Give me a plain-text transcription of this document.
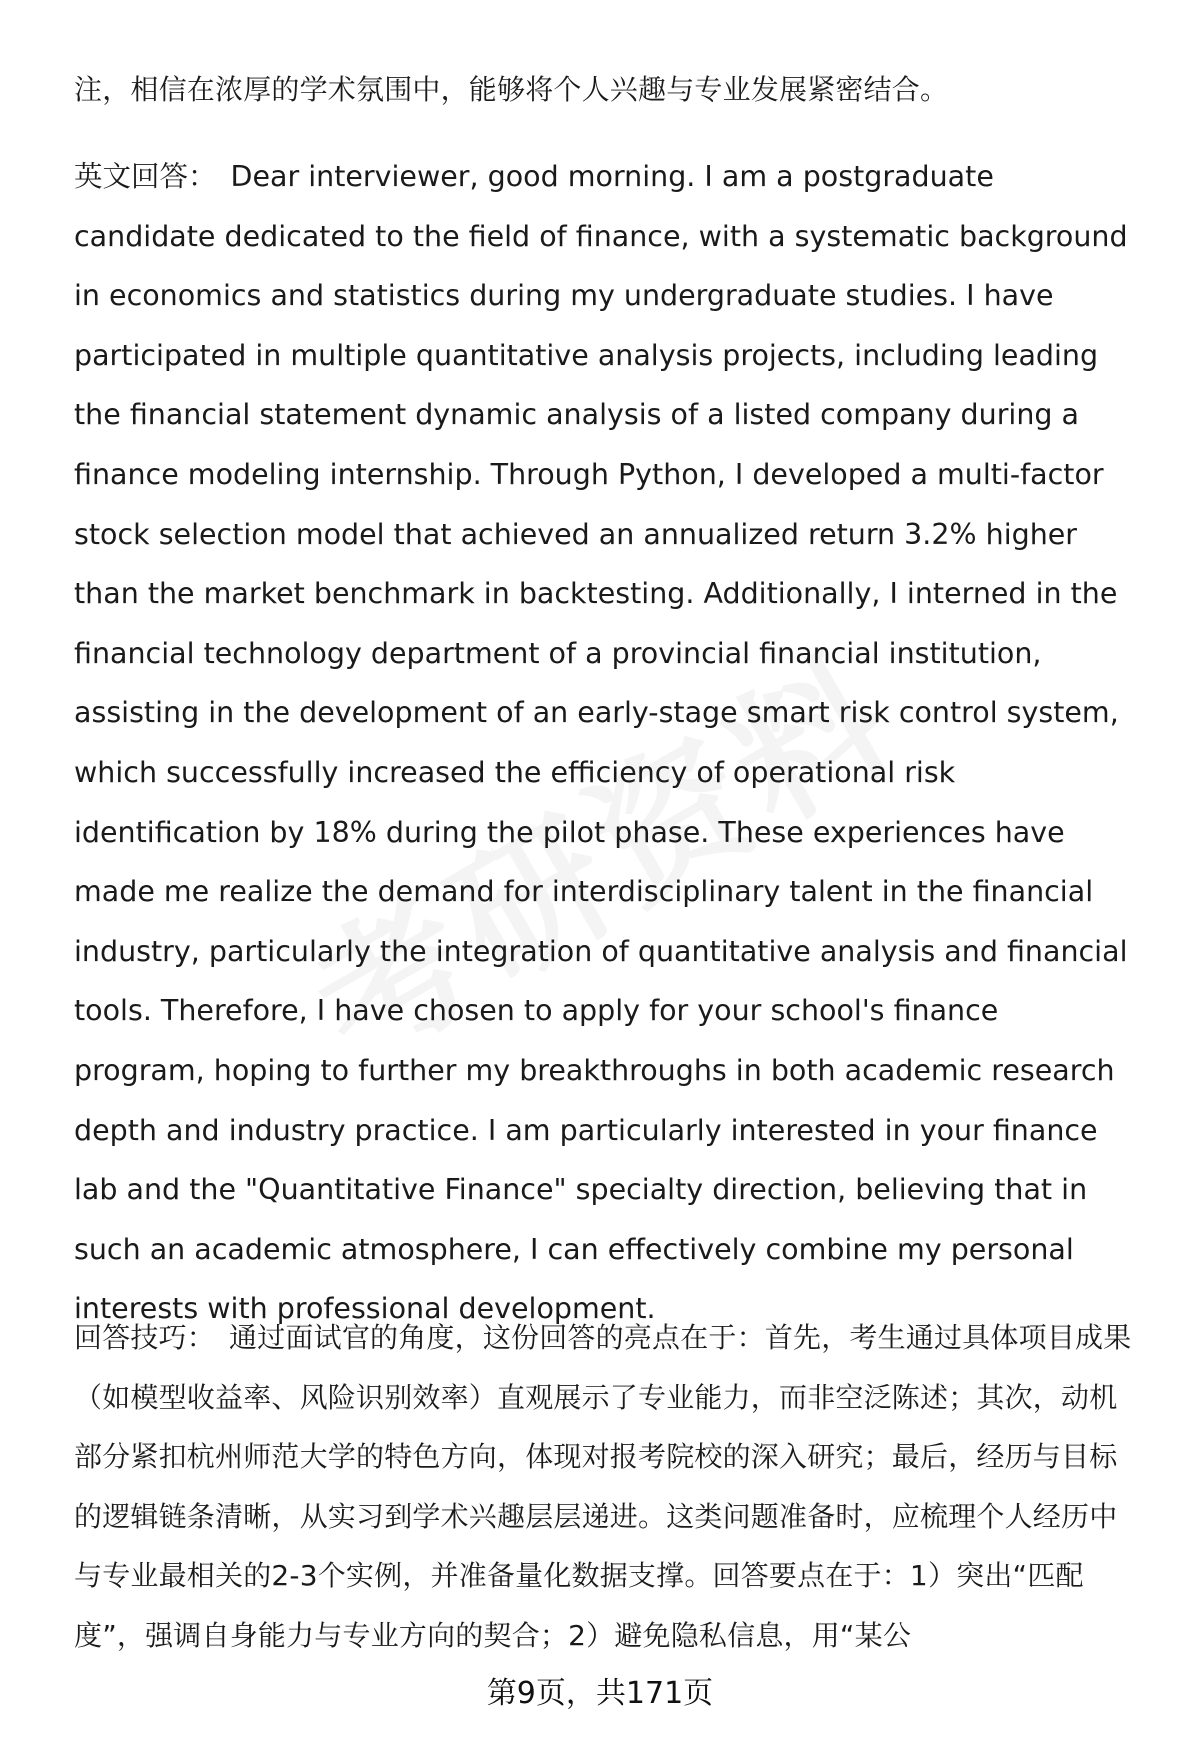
注，相信在浓厚的学术氛围中，能够将个人兴趣与专业发展紧密结合。

英文回答： Dear interviewer, good morning. I am a postgraduate candidate dedicated to the field of finance, with a systematic background in economics and statistics during my undergraduate studies. I have participated in multiple quantitative analysis projects, including leading the financial statement dynamic analysis of a listed company during a finance modeling internship. Through Python, I developed a multi-factor stock selection model that achieved an annualized return 3.2% higher than the market benchmark in backtesting. Additionally, I interned in the financial technology department of a provincial financial institution, assisting in the development of an early-stage smart risk control system, which successfully increased the efficiency of operational risk identification by 18% during the pilot phase. These experiences have made me realize the demand for interdisciplinary talent in the financial industry, particularly the integration of quantitative analysis and financial tools. Therefore, I have chosen to apply for your school's finance program, hoping to further my breakthroughs in both academic research depth and industry practice. I am particularly interested in your finance lab and the "Quantitative Finance" specialty direction, believing that in such an academic atmosphere, I can effectively combine my personal interests with professional development.

回答技巧： 通过面试官的角度，这份回答的亮点在于：首先，考生通过具体项目成果（如模型收益率、风险识别效率）直观展示了专业能力，而非空泛陈述；其次，动机部分紧扣杭州师范大学的特色方向，体现对报考院校的深入研究；最后，经历与目标的逻辑链条清晰，从实习到学术兴趣层层递进。这类问题准备时，应梳理个人经历中与专业最相关的2-3个实例，并准备量化数据支撑。回答要点在于：1）突出“匹配度”，强调自身能力与专业方向的契合；2）避免隐私信息，用“某公

第9页，共171页
